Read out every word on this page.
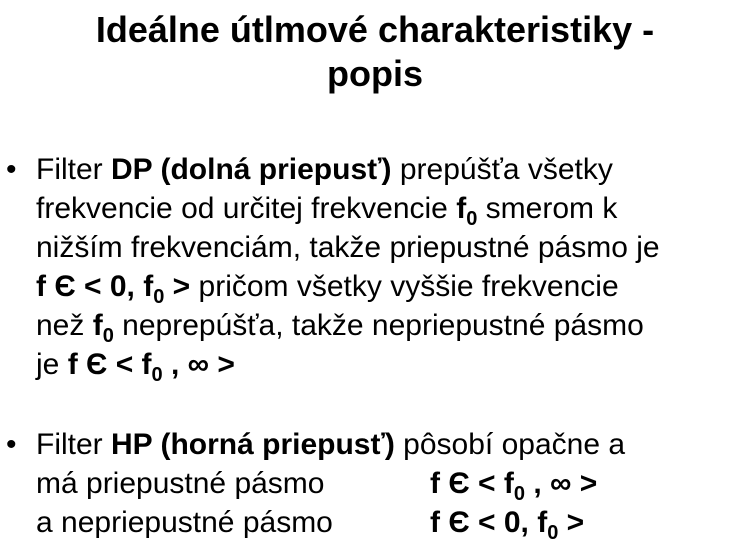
Ideálne útlmové charakteristiky -
popis
• Filter DP (dolná priepusť) prepúšťa všetky
frekvencie od určitej frekvencie $f_0$ smerom k
nižším frekvenciám, takže priepustné pásmo je
f Є < 0, $f_0$ > pričom všetky vyššie frekvencie
než $f_0$ neprepúšťa, takže nepriepustné pásmo
je f $Є < f_0$ , ∞ >
• Filter HP (horná priepusť) pôsobí opačne a
má priepustné pásmo	f $Є < f_0$ , ∞ >
a nepriepustné pásmo	f Є < 0, $f_0$ >
